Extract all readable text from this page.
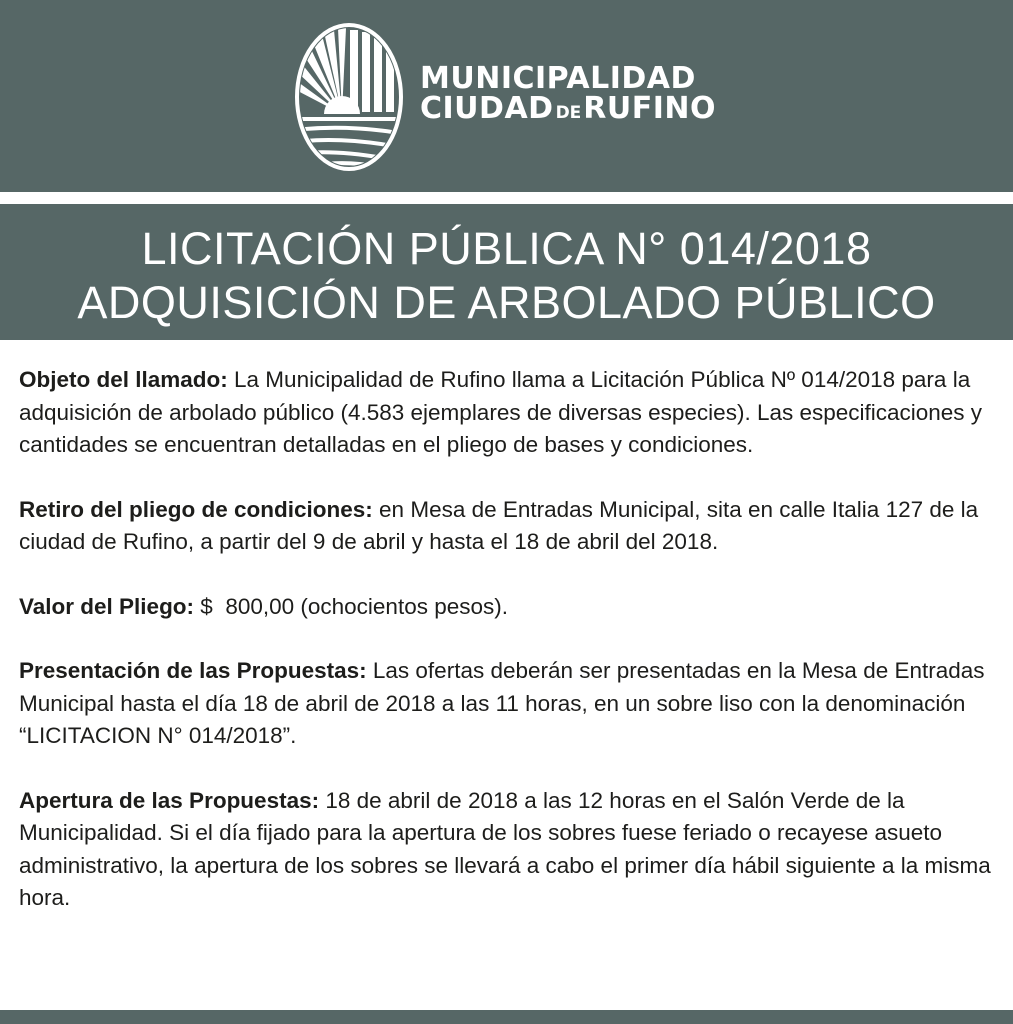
MUNICIPALIDAD
CIUDAD DERUFINO
LICITACIÓN PÚBLICA N° 014/2018
ADQUISICIÓN DE ARBOLADO PÚBLICO

Objeto del llamado: La Municipalidad de Rufino llama a Licitación Pública Nº 014/2018 para la adquisición de arbolado público (4.583 ejemplares de diversas especies). Las especificaciones y cantidades se encuentran detalladas en el pliego de bases y condiciones.

Retiro del pliego de condiciones: en Mesa de Entradas Municipal, sita en calle Italia 127 de la ciudad de Rufino, a partir del 9 de abril y hasta el 18 de abril del 2018.

Valor del Pliego: $  800,00 (ochocientos pesos).

Presentación de las Propuestas: Las ofertas deberán ser presentadas en la Mesa de Entradas Municipal hasta el día 18 de abril de 2018 a las 11 horas, en un sobre liso con la denominación “LICITACION N° 014/2018”.

Apertura de las Propuestas: 18 de abril de 2018 a las 12 horas en el Salón Verde de la Municipalidad. Si el día fijado para la apertura de los sobres fuese feriado o recayese asueto administrativo, la apertura de los sobres se llevará a cabo el primer día hábil siguiente a la misma hora.
